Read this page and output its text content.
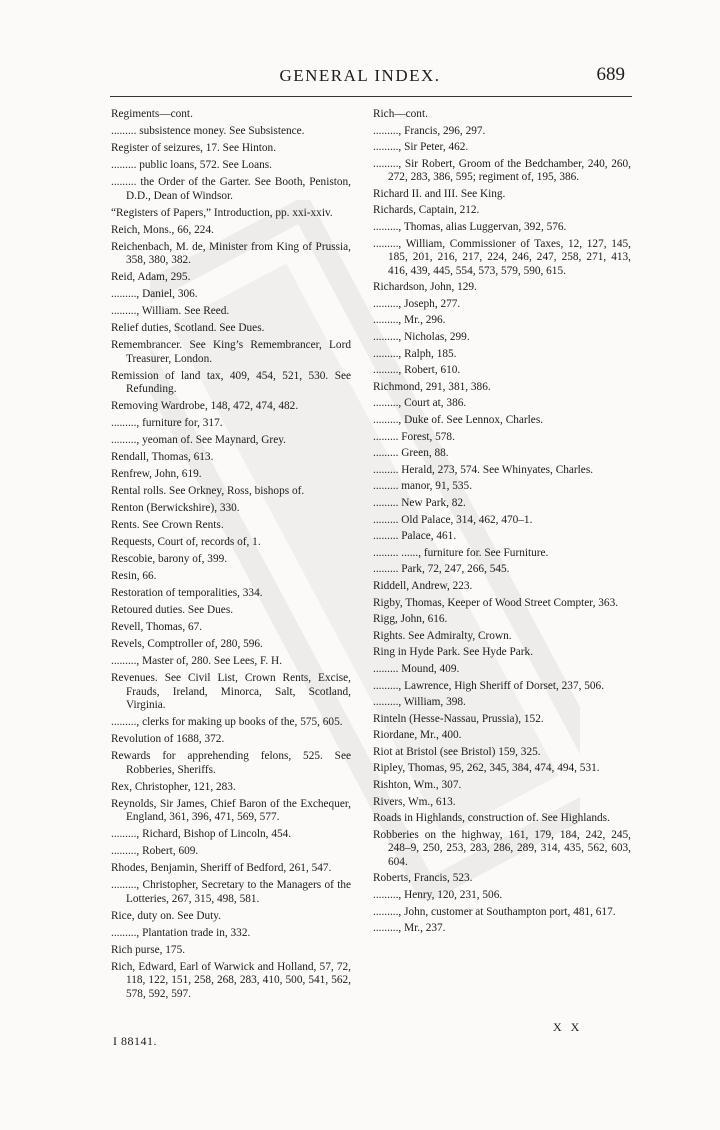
GENERAL INDEX.	689
Regiments—cont.
......... subsistence money. See Subsistence.
Register of seizures, 17. See Hinton.
......... public loans, 572. See Loans.
......... the Order of the Garter. See Booth, Peniston, D.D., Dean of Windsor.
“Registers of Papers,” Introduction, pp. xxi-xxiv.
Reich, Mons., 66, 224.
Reichenbach, M. de, Minister from King of Prussia, 358, 380, 382.
Reid, Adam, 295.
........., Daniel, 306.
........., William. See Reed.
Relief duties, Scotland. See Dues.
Remembrancer. See King’s Remembrancer, Lord Treasurer, London.
Remission of land tax, 409, 454, 521, 530. See Refunding.
Removing Wardrobe, 148, 472, 474, 482.
........., furniture for, 317.
........., yeoman of. See Maynard, Grey.
Rendall, Thomas, 613.
Renfrew, John, 619.
Rental rolls. See Orkney, Ross, bishops of.
Renton (Berwickshire), 330.
Rents. See Crown Rents.
Requests, Court of, records of, 1.
Rescobie, barony of, 399.
Resin, 66.
Restoration of temporalities, 334.
Retoured duties. See Dues.
Revell, Thomas, 67.
Revels, Comptroller of, 280, 596.
........., Master of, 280. See Lees, F. H.
Revenues. See Civil List, Crown Rents, Excise, Frauds, Ireland, Minorca, Salt, Scotland, Virginia.
........., clerks for making up books of the, 575, 605.
Revolution of 1688, 372.
Rewards for apprehending felons, 525. See Robberies, Sheriffs.
Rex, Christopher, 121, 283.
Reynolds, Sir James, Chief Baron of the Exchequer, England, 361, 396, 471, 569, 577.
........., Richard, Bishop of Lincoln, 454.
........., Robert, 609.
Rhodes, Benjamin, Sheriff of Bedford, 261, 547.
........., Christopher, Secretary to the Managers of the Lotteries, 267, 315, 498, 581.
Rice, duty on. See Duty.
........., Plantation trade in, 332.
Rich purse, 175.
Rich, Edward, Earl of Warwick and Holland, 57, 72, 118, 122, 151, 258, 268, 283, 410, 500, 541, 562, 578, 592, 597.
Rich—cont.
........., Francis, 296, 297.
........., Sir Peter, 462.
........., Sir Robert, Groom of the Bedchamber, 240, 260, 272, 283, 386, 595; regiment of, 195, 386.
Richard II. and III. See King.
Richards, Captain, 212.
........., Thomas, alias Luggervan, 392, 576.
........., William, Commissioner of Taxes, 12, 127, 145, 185, 201, 216, 217, 224, 246, 247, 258, 271, 413, 416, 439, 445, 554, 573, 579, 590, 615.
Richardson, John, 129.
........., Joseph, 277.
........., Mr., 296.
........., Nicholas, 299.
........., Ralph, 185.
........., Robert, 610.
Richmond, 291, 381, 386.
........., Court at, 386.
........., Duke of. See Lennox, Charles.
......... Forest, 578.
......... Green, 88.
......... Herald, 273, 574. See Whinyates, Charles.
......... manor, 91, 535.
......... New Park, 82.
......... Old Palace, 314, 462, 470–1.
......... Palace, 461.
......... ......, furniture for. See Furniture.
......... Park, 72, 247, 266, 545.
Riddell, Andrew, 223.
Rigby, Thomas, Keeper of Wood Street Compter, 363.
Rigg, John, 616.
Rights. See Admiralty, Crown.
Ring in Hyde Park. See Hyde Park.
......... Mound, 409.
........., Lawrence, High Sheriff of Dorset, 237, 506.
........., William, 398.
Rinteln (Hesse-Nassau, Prussia), 152.
Riordane, Mr., 400.
Riot at Bristol (see Bristol) 159, 325.
Ripley, Thomas, 95, 262, 345, 384, 474, 494, 531.
Rishton, Wm., 307.
Rivers, Wm., 613.
Roads in Highlands, construction of. See Highlands.
Robberies on the highway, 161, 179, 184, 242, 245, 248–9, 250, 253, 283, 286, 289, 314, 435, 562, 603, 604.
Roberts, Francis, 523.
........., Henry, 120, 231, 506.
........., John, customer at Southampton port, 481, 617.
........., Mr., 237.
I 88141.
X X
